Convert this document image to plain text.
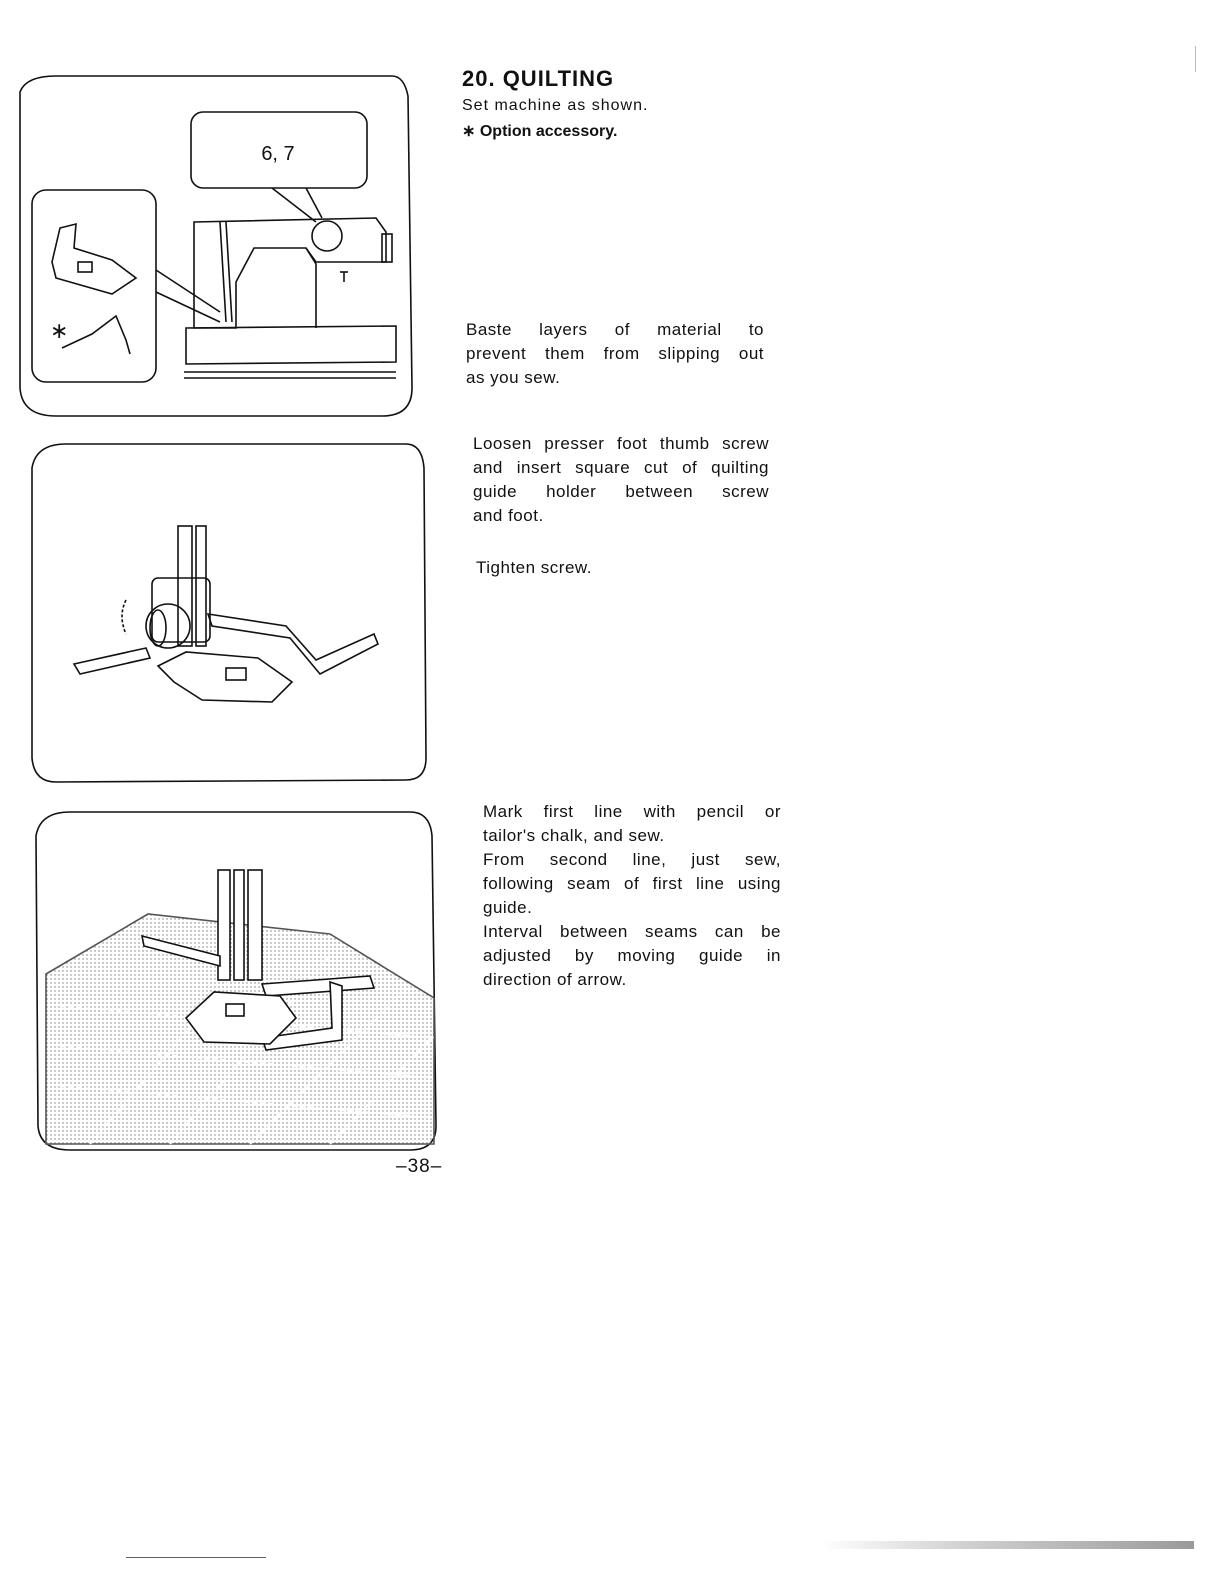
6, 7
∗
20. QUILTING
Set machine as shown.
∗ Option accessory.
Baste layers of material to
prevent them from slipping out
as you sew.
Loosen presser foot thumb screw
and insert square cut of quilting
guide holder between screw
and foot.
Tighten screw.
Mark first line with pencil or
tailor's chalk, and sew.
From second line, just sew,
following seam of first line using
guide.
Interval between seams can be
adjusted by moving guide in
direction of arrow.
–38–
